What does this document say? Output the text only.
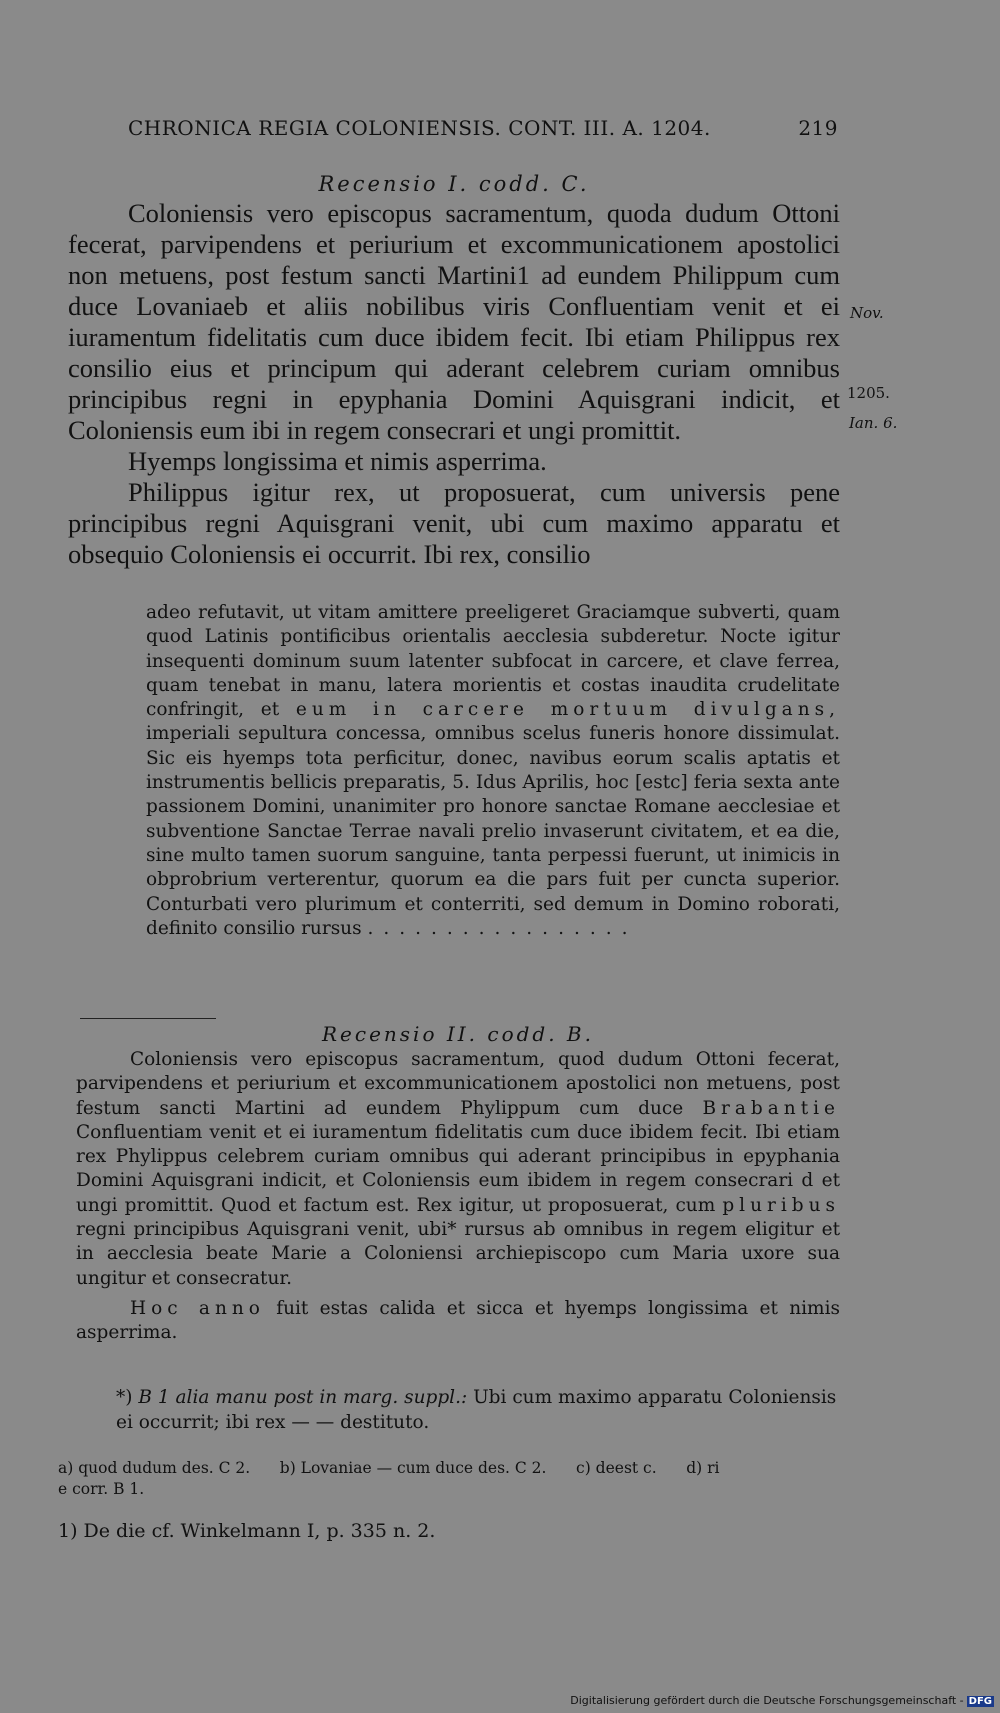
CHRONICA REGIA COLONIENSIS. CONT. III. A. 1204.	219
Recensio I. codd. C.

Coloniensis vero episcopus sacramentum, quoda dudum Ottoni fecerat, parvipendens et periurium et excommunicationem apostolici non metuens, post festum sancti Martini1 ad eundem Philippum cum duce Lovaniaeb et aliis nobilibus viris Confluentiam venit et ei iuramentum fidelitatis cum duce ibidem fecit. Ibi etiam Philippus rex consilio eius et principum qui aderant celebrem curiam omnibus principibus regni in epyphania Domini Aquisgrani indicit, et Coloniensis eum ibi in regem consecrari et ungi promittit.

Hyemps longissima et nimis asperrima.

Philippus igitur rex, ut proposuerat, cum universis pene principibus regni Aquisgrani venit, ubi cum maximo apparatu et obsequio Coloniensis ei occurrit. Ibi rex, consilio

Nov.
1205.
Ian. 6.

adeo refutavit, ut vitam amittere preeligeret Graciamque subverti, quam quod Latinis pontificibus orientalis aecclesia subderetur. Nocte igitur insequenti dominum suum latenter subfocat in carcere, et clave ferrea, quam tenebat in manu, latera morientis et costas inaudita crudelitate confringit, et eum in carcere mortuum divulgans, imperiali sepultura concessa, omnibus scelus funeris honore dissimulat. Sic eis hyemps tota perficitur, donec, navibus eorum scalis aptatis et instrumentis bellicis preparatis, 5. Idus Aprilis, hoc [estc] feria sexta ante passionem Domini, unanimiter pro honore sanctae Romane aecclesiae et subventione Sanctae Terrae navali prelio invaserunt civitatem, et ea die, sine multo tamen suorum sanguine, tanta perpessi fuerunt, ut inimicis in obprobrium verterentur, quorum ea die pars fuit per cuncta superior. Conturbati vero plurimum et conterriti, sed demum in Domino roborati, definito consilio rursus .................

Recensio II. codd. B.

Coloniensis vero episcopus sacramentum, quod dudum Ottoni fecerat, parvipendens et periurium et excommunicationem apostolici non metuens, post festum sancti Martini ad eundem Phylippum cum duce Brabantie Confluentiam venit et ei iuramentum fidelitatis cum duce ibidem fecit. Ibi etiam rex Phylippus celebrem curiam omnibus qui aderant principibus in epyphania Domini Aquisgrani indicit, et Coloniensis eum ibidem in regem consecrari d et ungi promittit. Quod et factum est. Rex igitur, ut proposuerat, cum pluribus regni principibus Aquisgrani venit, ubi* rursus ab omnibus in regem eligitur et in aecclesia beate Marie a Coloniensi archiepiscopo cum Maria uxore sua ungitur et consecratur.

Hoc anno fuit estas calida et sicca et hyemps longissima et nimis asperrima.

*) B 1 alia manu post in marg. suppl.: Ubi cum maximo apparatu Coloniensis ei occurrit; ibi rex — — destituto.
a) quod dudum des. C 2.      b) Lovaniae — cum duce des. C 2.      c) deest c.      d) ri
e corr. B 1.
1) De die cf. Winkelmann I, p. 335 n. 2.
Digitalisierung gefördert durch die Deutsche Forschungsgemeinschaft - DFG
